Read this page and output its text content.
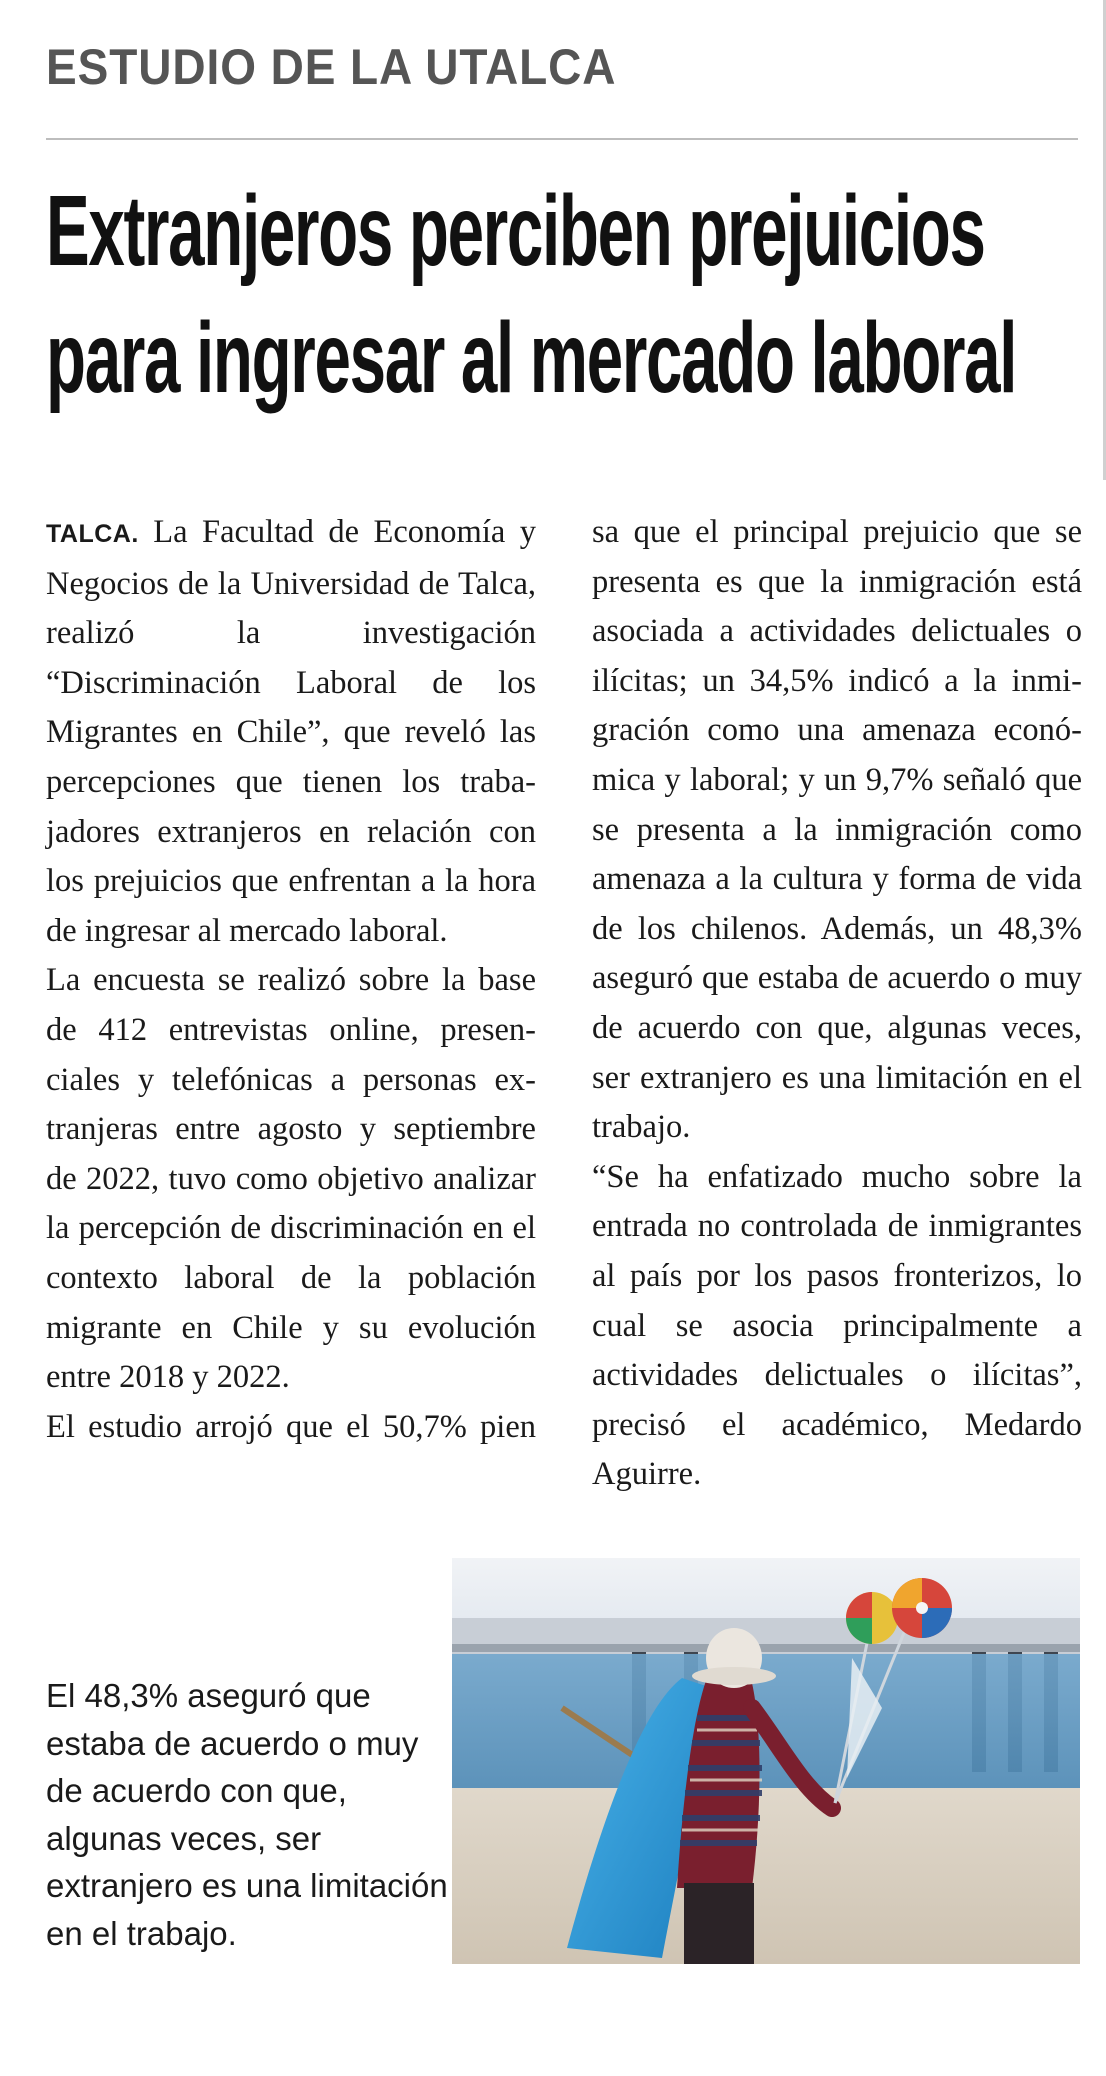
ESTUDIO DE LA UTALCA
Extranjeros perciben prejuicios
para ingresar al mercado laboral

TALCA. La Facultad de Economía y Negocios de la Universidad de Talca, realizó la investigación “Discriminación Laboral de los Migrantes en Chile”, que reveló las percepciones que tienen los trabajadores extranjeros en relación con los prejuicios que enfrentan a la hora de ingresar al mercado laboral.

La encuesta se realizó sobre la base de 412 entrevistas online, presenciales y telefónicas a personas extranjeras entre agosto y septiembre de 2022, tuvo como objetivo analizar la percepción de discriminación en el contexto laboral de la población migrante en Chile y su evolución entre 2018 y 2022.

El estudio arrojó que el 50,7% pien

sa que el principal prejuicio que se presenta es que la inmigración está asociada a actividades delictuales o ilícitas; un 34,5% indicó a la inmigración como una amenaza económica y laboral; y un 9,7% señaló que se presenta a la inmigración como amenaza a la cultura y forma de vida de los chilenos. Además, un 48,3% aseguró que estaba de acuerdo o muy de acuerdo con que, algunas veces, ser extranjero es una limitación en el trabajo.

“Se ha enfatizado mucho sobre la entrada no controlada de inmigrantes al país por los pasos fronterizos, lo cual se asocia principalmente a actividades delictuales o ilícitas”, precisó el académico, Medardo Aguirre.

El 48,3% aseguró que estaba de acuerdo o muy de acuerdo con que, algunas veces, ser extranjero es una limitación en el trabajo.
